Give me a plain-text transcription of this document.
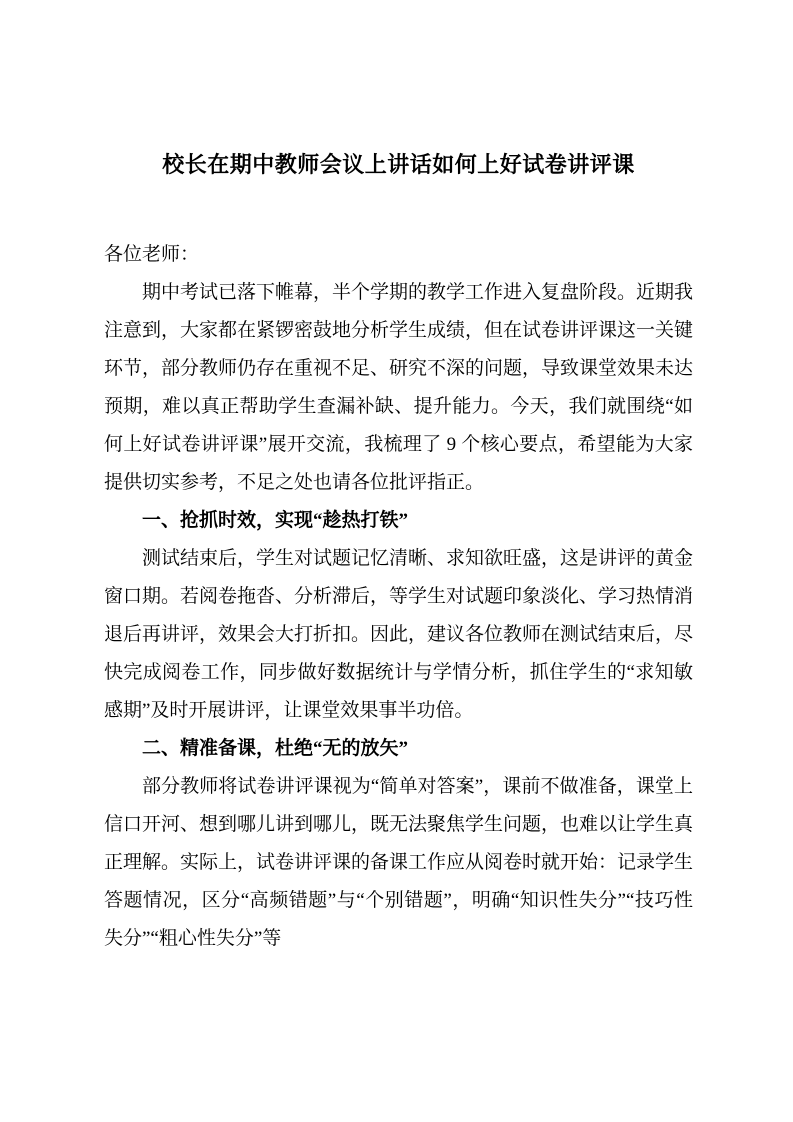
校长在期中教师会议上讲话如何上好试卷讲评课

各位老师：

期中考试已落下帷幕，半个学期的教学工作进入复盘阶段。近期我注意到，大家都在紧锣密鼓地分析学生成绩，但在试卷讲评课这一关键环节，部分教师仍存在重视不足、研究不深的问题，导致课堂效果未达预期，难以真正帮助学生查漏补缺、提升能力。今天，我们就围绕“如何上好试卷讲评课”展开交流，我梳理了 9 个核心要点，希望能为大家提供切实参考，不足之处也请各位批评指正。

一、抢抓时效，实现“趁热打铁”

测试结束后，学生对试题记忆清晰、求知欲旺盛，这是讲评的黄金窗口期。若阅卷拖沓、分析滞后，等学生对试题印象淡化、学习热情消退后再讲评，效果会大打折扣。因此，建议各位教师在测试结束后，尽快完成阅卷工作，同步做好数据统计与学情分析，抓住学生的“求知敏感期”及时开展讲评，让课堂效果事半功倍。

二、精准备课，杜绝“无的放矢”

部分教师将试卷讲评课视为“简单对答案”，课前不做准备，课堂上信口开河、想到哪儿讲到哪儿，既无法聚焦学生问题，也难以让学生真正理解。实际上，试卷讲评课的备课工作应从阅卷时就开始：记录学生答题情况，区分“高频错题”与“个别错题”，明确“知识性失分”“技巧性失分”“粗心性失分”等
